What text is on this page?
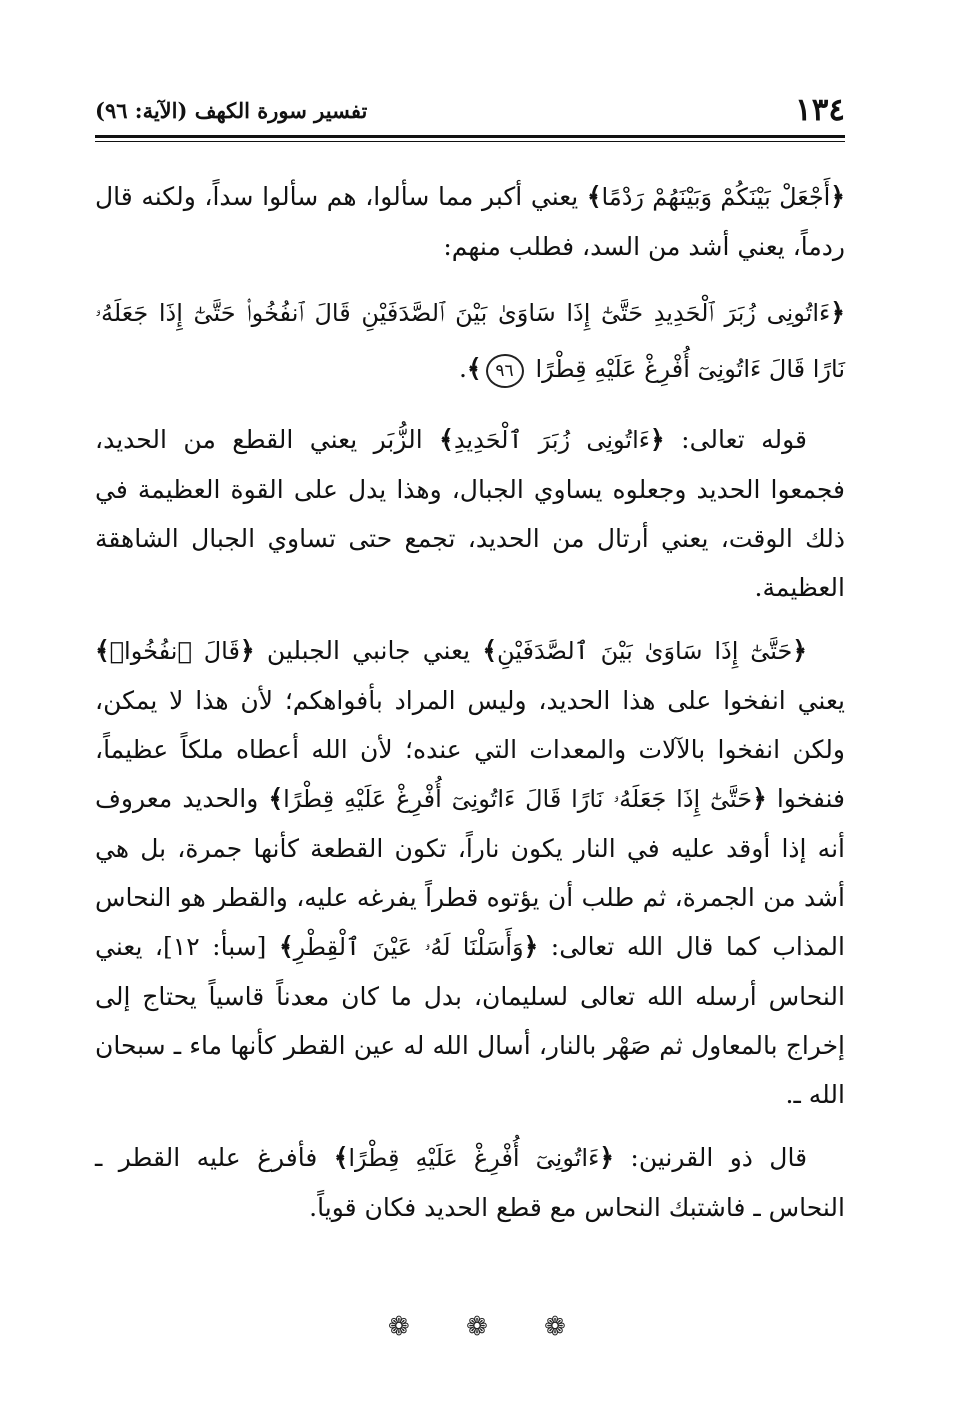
١٣٤
تفسير سورة الكهف (الآية: ٩٦)

﴿أَجْعَلْ بَيْنَكُمْ وَبَيْنَهُمْ رَدْمًا﴾ يعني أكبر مما سألوا، هم سألوا سداً، ولكنه قال ردماً، يعني أشد من السد، فطلب منهم:

﴿ءَاتُونِى زُبَرَ ٱلْحَدِيدِ حَتَّىٰٓ إِذَا سَاوَىٰ بَيْنَ ٱلصَّدَفَيْنِ قَالَ ٱنفُخُوا۟ حَتَّىٰٓ إِذَا جَعَلَهُۥ نَارًا قَالَ ءَاتُونِىٓ أُفْرِغْ عَلَيْهِ قِطْرًا ٩٦﴾.

قوله تعالى: ﴿ءَاتُونِى زُبَرَ ٱلْحَدِيدِ﴾ الزُّبَر يعني القطع من الحديد، فجمعوا الحديد وجعلوه يساوي الجبال، وهذا يدل على القوة العظيمة في ذلك الوقت، يعني أرتال من الحديد، تجمع حتى تساوي الجبال الشاهقة العظيمة.

﴿حَتَّىٰٓ إِذَا سَاوَىٰ بَيْنَ ٱلصَّدَفَيْنِ﴾ يعني جانبي الجبلين ﴿قَالَ ٱنفُخُوا۟﴾ يعني انفخوا على هذا الحديد، وليس المراد بأفواهكم؛ لأن هذا لا يمكن، ولكن انفخوا بالآلات والمعدات التي عنده؛ لأن الله أعطاه ملكاً عظيماً، فنفخوا ﴿حَتَّىٰٓ إِذَا جَعَلَهُۥ نَارًا قَالَ ءَاتُونِىٓ أُفْرِغْ عَلَيْهِ قِطْرًا﴾ والحديد معروف أنه إذا أوقد عليه في النار يكون ناراً، تكون القطعة كأنها جمرة، بل هي أشد من الجمرة، ثم طلب أن يؤتوه قطراً يفرغه عليه، والقطر هو النحاس المذاب كما قال الله تعالى: ﴿وَأَسَلْنَا لَهُۥ عَيْنَ ٱلْقِطْرِ﴾ [سبأ: ١٢]، يعني النحاس أرسله الله تعالى لسليمان، بدل ما كان معدناً قاسياً يحتاج إلى إخراج بالمعاول ثم صَهْر بالنار، أسال الله له عين القطر كأنها ماء ـ سبحان الله ـ.

قال ذو القرنين: ﴿ءَاتُونِىٓ أُفْرِغْ عَلَيْهِ قِطْرًا﴾ فأفرغ عليه القطر ـ النحاس ـ فاشتبك النحاس مع قطع الحديد فكان قوياً.

❁ ❁ ❁
